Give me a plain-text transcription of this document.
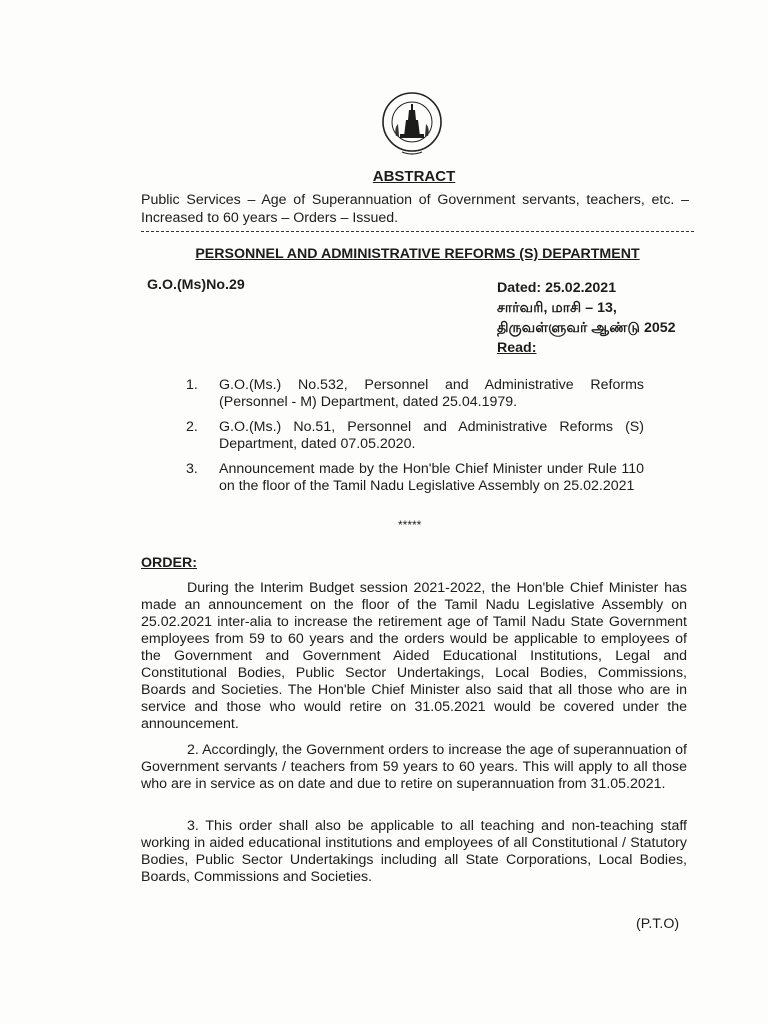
ABSTRACT
Public Services – Age of Superannuation of Government servants, teachers, etc. – Increased to 60 years – Orders – Issued.
PERSONNEL AND ADMINISTRATIVE REFORMS (S) DEPARTMENT
G.O.(Ms)No.29	Dated: 25.02.2021
சார்வரி, மாசி – 13,
திருவள்ளுவர் ஆண்டு 2052
Read:
1.	G.O.(Ms.) No.532, Personnel and Administrative Reforms (Personnel - M) Department, dated 25.04.1979.
2.	G.O.(Ms.) No.51, Personnel and Administrative Reforms (S) Department, dated 07.05.2020.
3.	Announcement made by the Hon'ble Chief Minister under Rule 110 on the floor of the Tamil Nadu Legislative Assembly on 25.02.2021
*****
ORDER:
During the Interim Budget session 2021-2022, the Hon'ble Chief Minister has made an announcement on the floor of the Tamil Nadu Legislative Assembly on 25.02.2021 inter-alia to increase the retirement age of Tamil Nadu State Government employees from 59 to 60 years and the orders would be applicable to employees of the Government and Government Aided Educational Institutions, Legal and Constitutional Bodies, Public Sector Undertakings, Local Bodies, Commissions, Boards and Societies. The Hon'ble Chief Minister also said that all those who are in service and those who would retire on 31.05.2021 would be covered under the announcement.
2. Accordingly, the Government orders to increase the age of superannuation of Government servants / teachers from 59 years to 60 years. This will apply to all those who are in service as on date and due to retire on superannuation from 31.05.2021.
3. This order shall also be applicable to all teaching and non-teaching staff working in aided educational institutions and employees of all Constitutional / Statutory Bodies, Public Sector Undertakings including all State Corporations, Local Bodies, Boards, Commissions and Societies.
(P.T.O)
